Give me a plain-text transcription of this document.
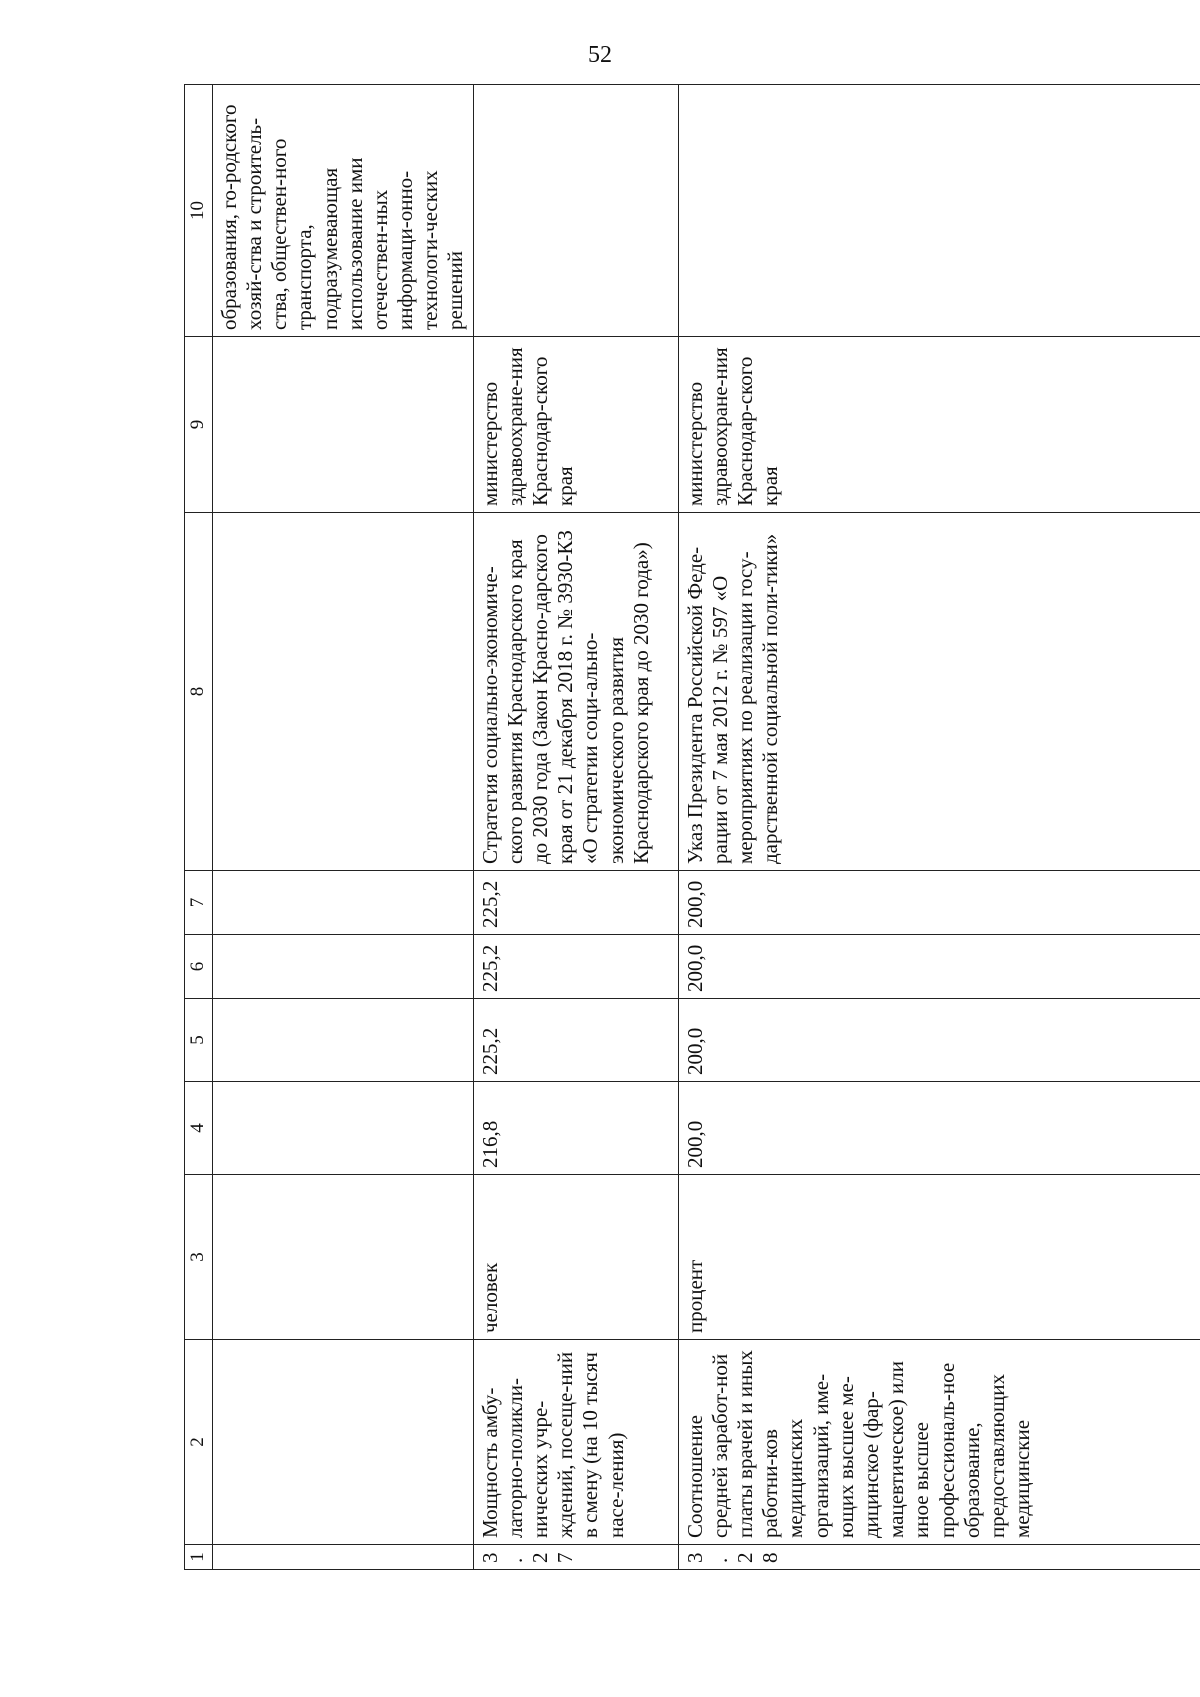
52
1	2	3	4	5	6	7	8	9	10
									образования, го-родского хозяй-ства и строитель-ства, обществен-ного транспорта, подразумевающая использование ими отечествен-ных информаци-онно-технологи-ческих решений
3.27	Мощность амбу-латорно-поликли-нических учре-ждений, посеще-ний в смену (на 10 тысяч насе-ления)	человек	216,8	225,2	225,2	225,2	Стратегия социально-экономиче-ского развития Краснодарского края до 2030 года (Закон Красно-дарского края от 21 декабря 2018 г. № 3930-КЗ «О стратегии соци-ально-экономического развития Краснодарского края до 2030 года»)	министерство здравоохране-ния Краснодар-ского края	
3.28	Соотношение средней заработ-ной платы врачей и иных работни-ков медицинских организаций, име-ющих высшее ме-дицинское (фар-мацевтическое) или иное высшее профессиональ-ное образование, предоставляющих медицинские	процент	200,0	200,0	200,0	200,0	Указ Президента Российской Феде-рации от 7 мая 2012 г. № 597 «О мероприятиях по реализации госу-дарственной социальной поли-тики»	министерство здравоохране-ния Краснодар-ского края	
